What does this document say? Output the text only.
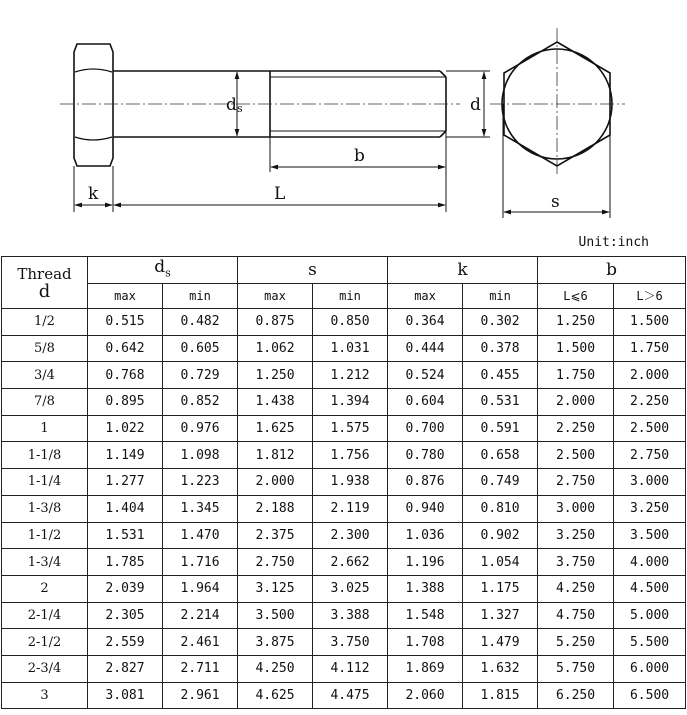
d s	d
b
L
k	s
Unit:inch
Thread
d	$d_s$		s		k		b	
	max	min	max	min	max	min	L⩽6	L＞6
1/2	0.515	0.482	0.875	0.850	0.364	0.302	1.250	1.500
5/8	0.642	0.605	1.062	1.031	0.444	0.378	1.500	1.750
3/4	0.768	0.729	1.250	1.212	0.524	0.455	1.750	2.000
7/8	0.895	0.852	1.438	1.394	0.604	0.531	2.000	2.250
1	1.022	0.976	1.625	1.575	0.700	0.591	2.250	2.500
1-1/8	1.149	1.098	1.812	1.756	0.780	0.658	2.500	2.750
1-1/4	1.277	1.223	2.000	1.938	0.876	0.749	2.750	3.000
1-3/8	1.404	1.345	2.188	2.119	0.940	0.810	3.000	3.250
1-1/2	1.531	1.470	2.375	2.300	1.036	0.902	3.250	3.500
1-3/4	1.785	1.716	2.750	2.662	1.196	1.054	3.750	4.000
2	2.039	1.964	3.125	3.025	1.388	1.175	4.250	4.500
2-1/4	2.305	2.214	3.500	3.388	1.548	1.327	4.750	5.000
2-1/2	2.559	2.461	3.875	3.750	1.708	1.479	5.250	5.500
2-3/4	2.827	2.711	4.250	4.112	1.869	1.632	5.750	6.000
3	3.081	2.961	4.625	4.475	2.060	1.815	6.250	6.500
